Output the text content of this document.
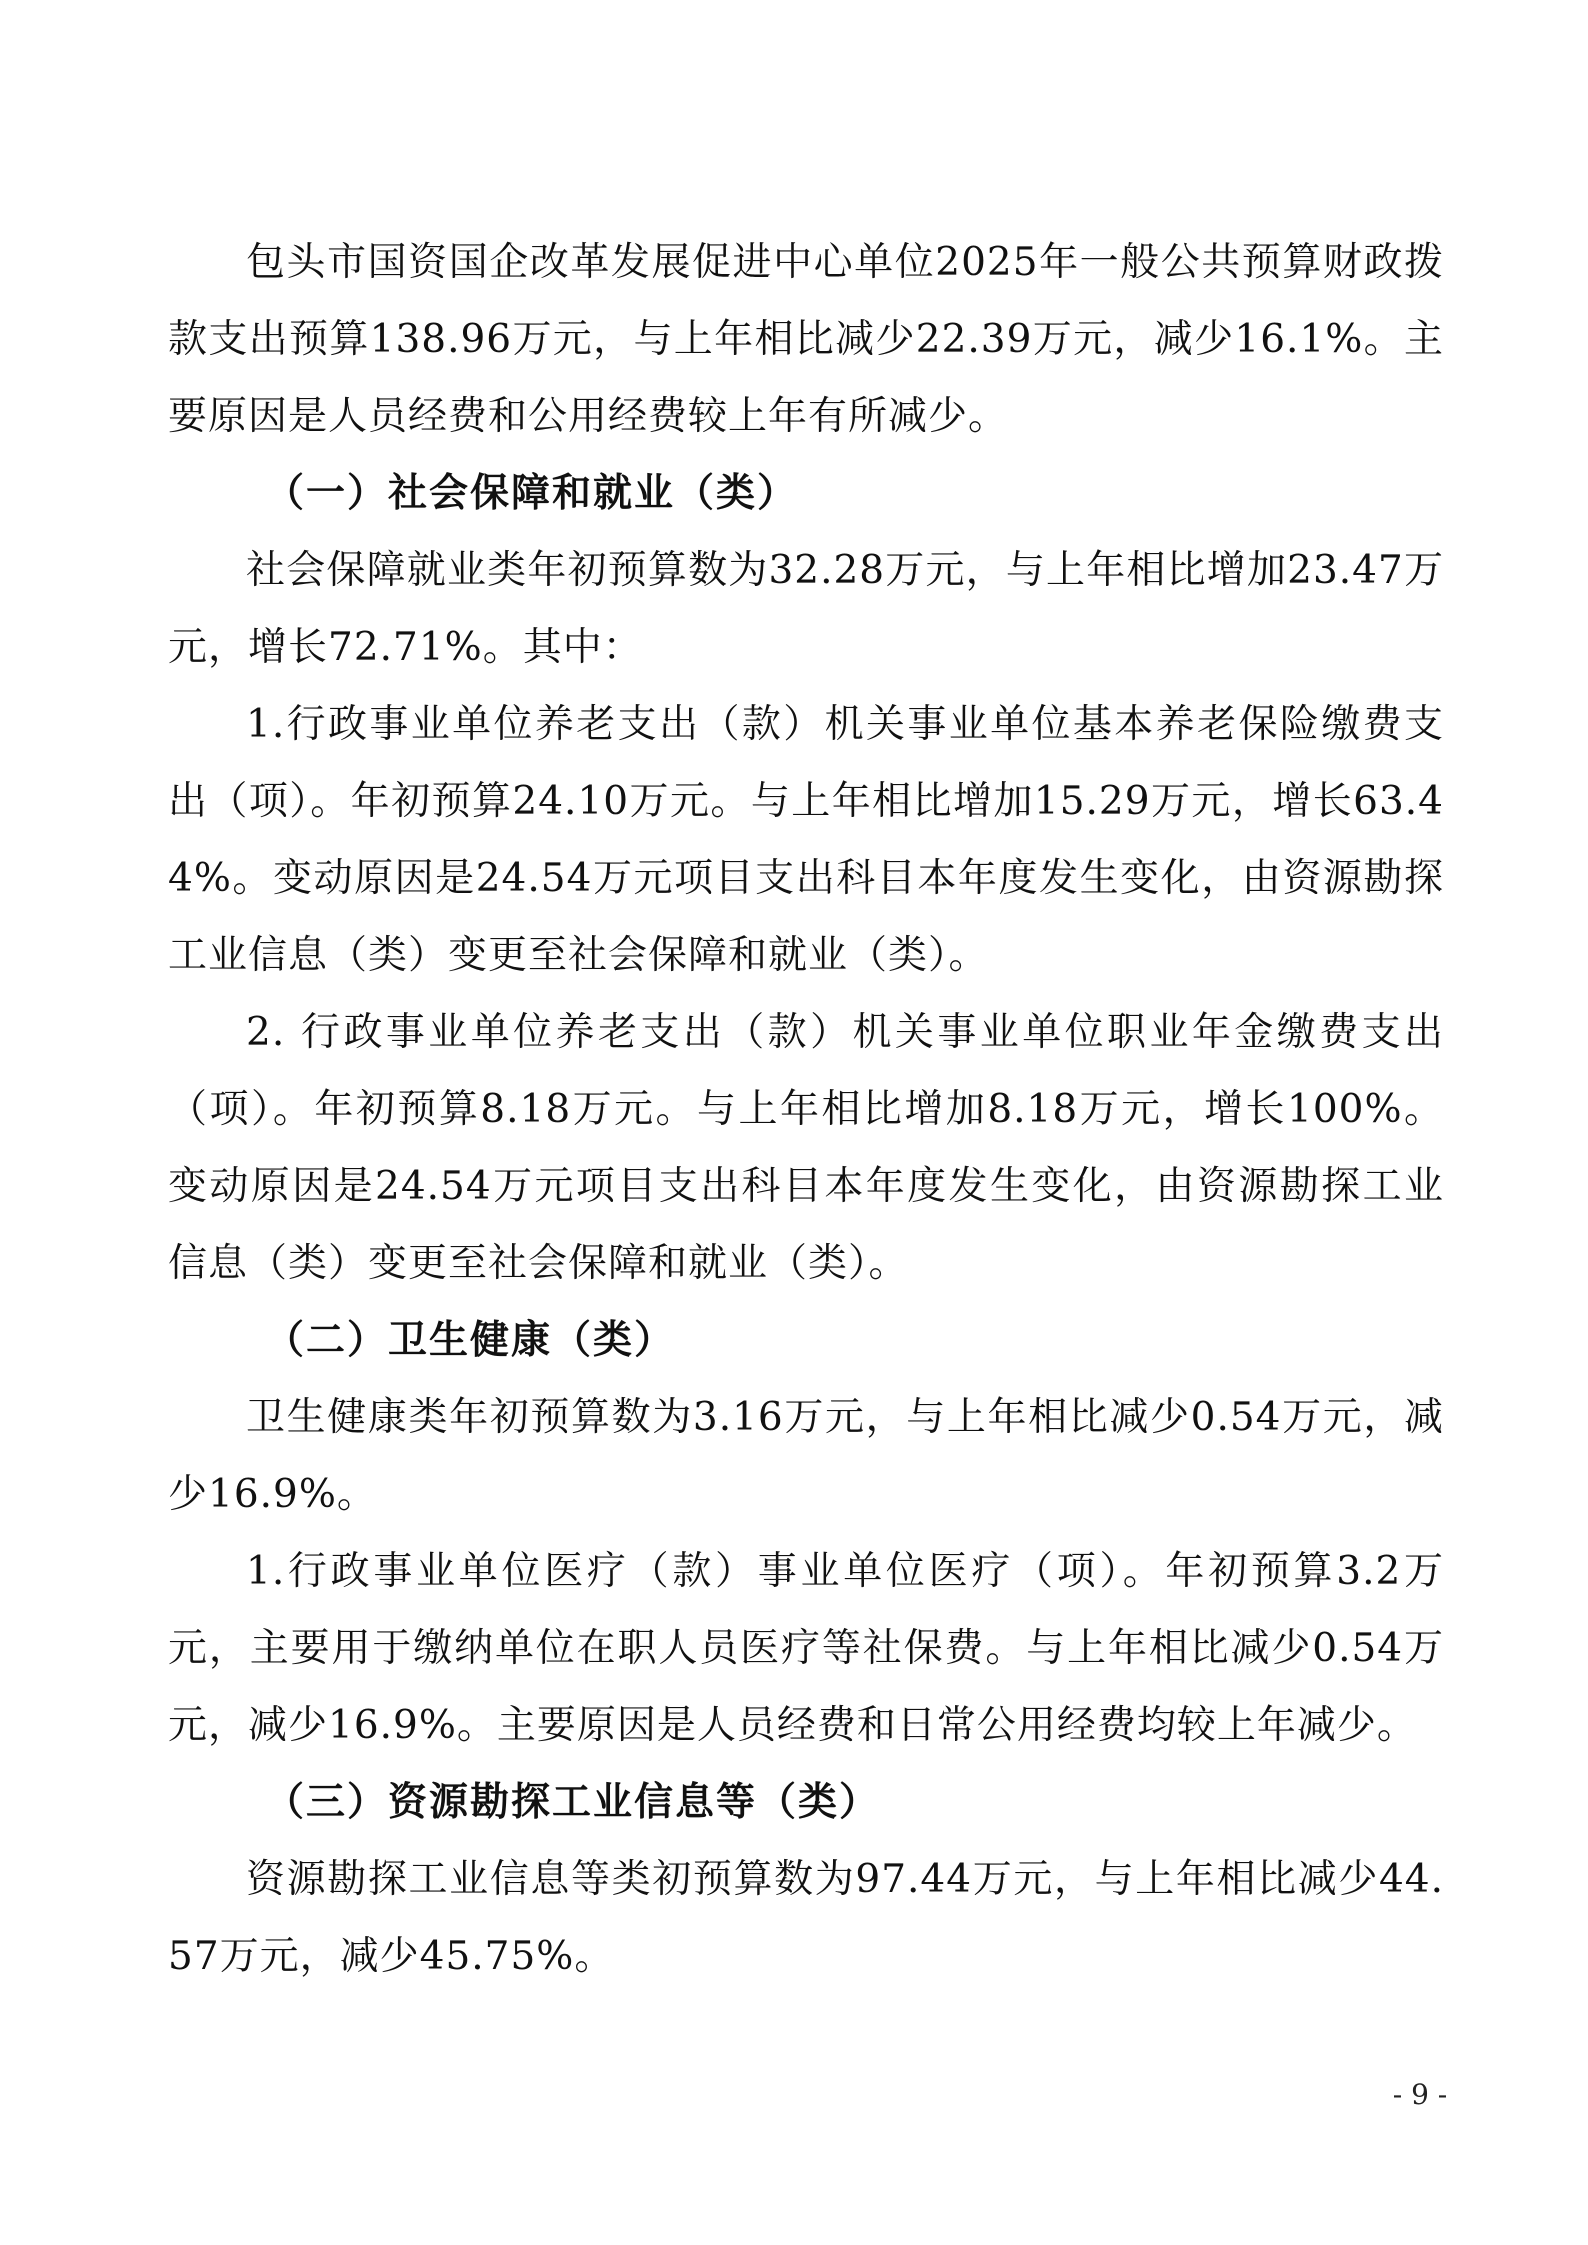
包头市国资国企改革发展促进中心单位2025年一般公共预算财政拨款支出预算138.96万元，与上年相比减少22.39万元，减少16.1%。主要原因是人员经费和公用经费较上年有所减少。

（一）社会保障和就业（类）

社会保障就业类年初预算数为32.28万元，与上年相比增加23.47万元，增长72.71%。其中：

1.行政事业单位养老支出（款）机关事业单位基本养老保险缴费支出（项）。年初预算24.10万元。与上年相比增加15.29万元，增长63.44%。变动原因是24.54万元项目支出科目本年度发生变化，由资源勘探工业信息（类）变更至社会保障和就业（类）。

2. 行政事业单位养老支出（款）机关事业单位职业年金缴费支出（项）。年初预算8.18万元。与上年相比增加8.18万元，增长100%。变动原因是24.54万元项目支出科目本年度发生变化，由资源勘探工业信息（类）变更至社会保障和就业（类）。

（二）卫生健康（类）

卫生健康类年初预算数为3.16万元，与上年相比减少0.54万元，减少16.9%。

1.行政事业单位医疗（款）事业单位医疗（项）。年初预算3.2万元，主要用于缴纳单位在职人员医疗等社保费。与上年相比减少0.54万元，减少16.9%。主要原因是人员经费和日常公用经费均较上年减少。

（三）资源勘探工业信息等（类）

资源勘探工业信息等类初预算数为97.44万元，与上年相比减少44.57万元，减少45.75%。

- 9 -
